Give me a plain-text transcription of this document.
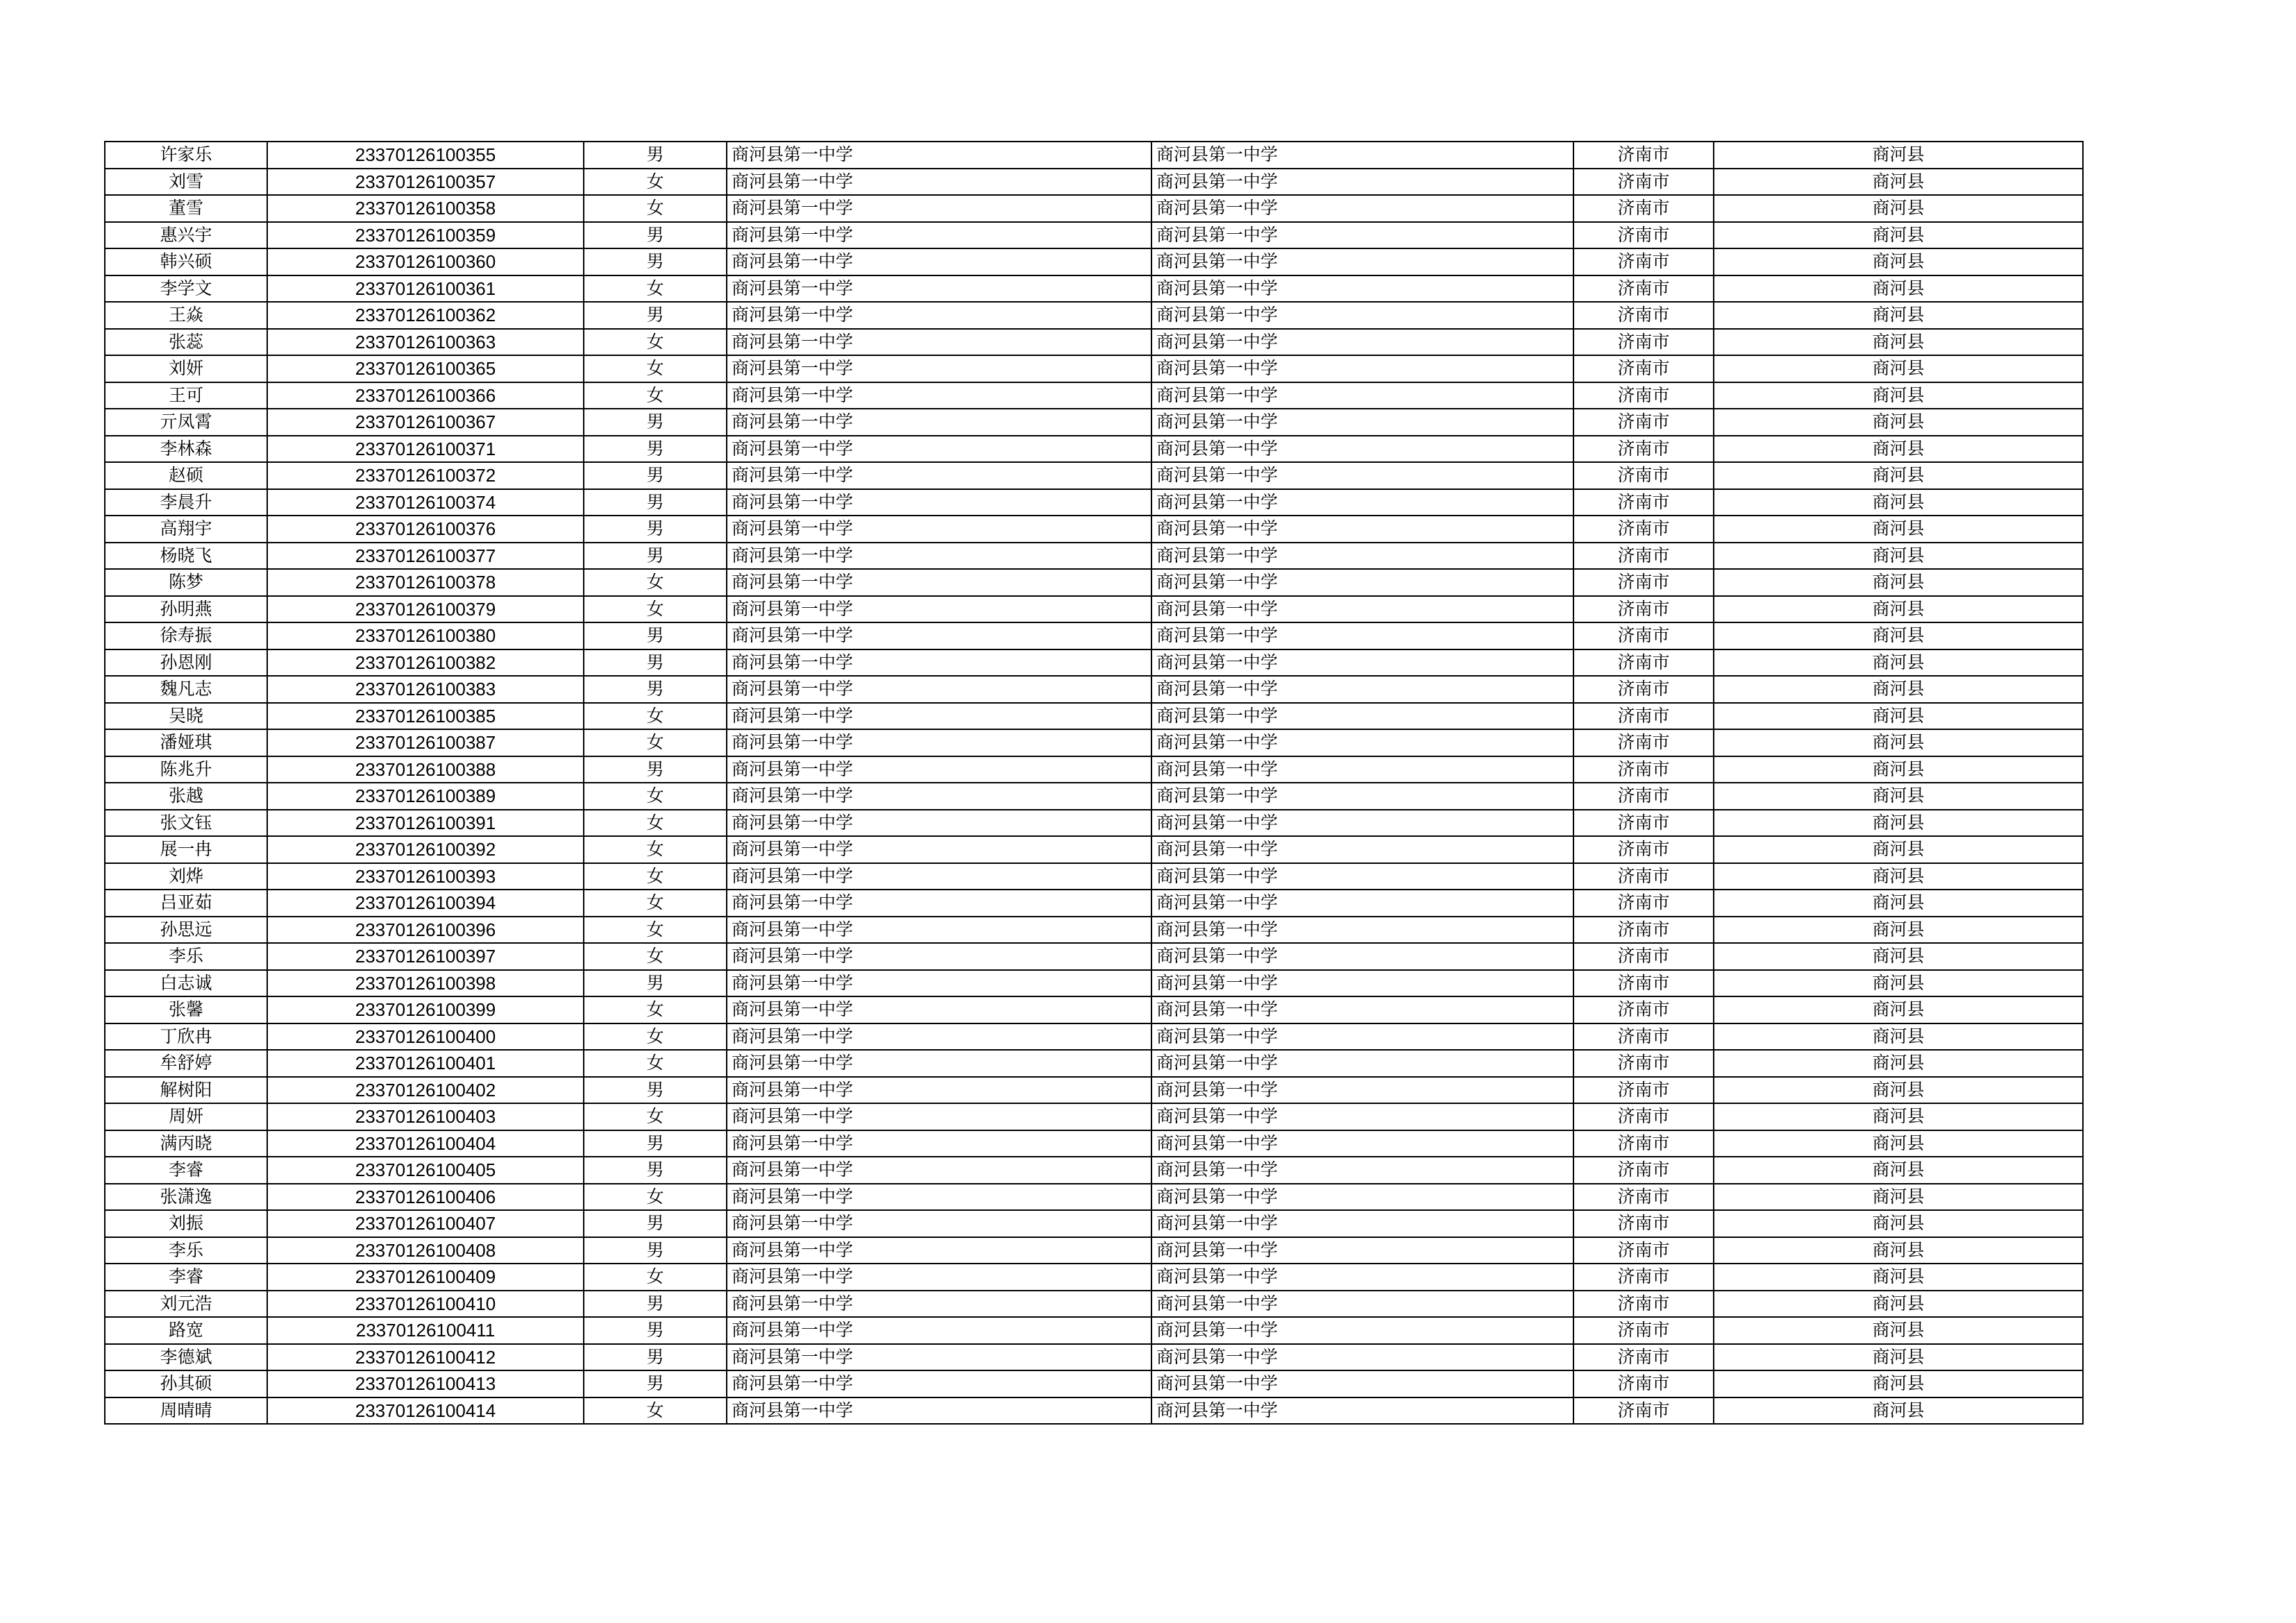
许家乐	23370126100355	男	商河县第一中学	商河县第一中学	济南市	商河县
刘雪	23370126100357	女	商河县第一中学	商河县第一中学	济南市	商河县
董雪	23370126100358	女	商河县第一中学	商河县第一中学	济南市	商河县
惠兴宇	23370126100359	男	商河县第一中学	商河县第一中学	济南市	商河县
韩兴硕	23370126100360	男	商河县第一中学	商河县第一中学	济南市	商河县
李学文	23370126100361	女	商河县第一中学	商河县第一中学	济南市	商河县
王焱	23370126100362	男	商河县第一中学	商河县第一中学	济南市	商河县
张蕊	23370126100363	女	商河县第一中学	商河县第一中学	济南市	商河县
刘妍	23370126100365	女	商河县第一中学	商河县第一中学	济南市	商河县
王可	23370126100366	女	商河县第一中学	商河县第一中学	济南市	商河县
亓凤霄	23370126100367	男	商河县第一中学	商河县第一中学	济南市	商河县
李林森	23370126100371	男	商河县第一中学	商河县第一中学	济南市	商河县
赵硕	23370126100372	男	商河县第一中学	商河县第一中学	济南市	商河县
李晨升	23370126100374	男	商河县第一中学	商河县第一中学	济南市	商河县
高翔宇	23370126100376	男	商河县第一中学	商河县第一中学	济南市	商河县
杨晓飞	23370126100377	男	商河县第一中学	商河县第一中学	济南市	商河县
陈梦	23370126100378	女	商河县第一中学	商河县第一中学	济南市	商河县
孙明燕	23370126100379	女	商河县第一中学	商河县第一中学	济南市	商河县
徐寿振	23370126100380	男	商河县第一中学	商河县第一中学	济南市	商河县
孙恩刚	23370126100382	男	商河县第一中学	商河县第一中学	济南市	商河县
魏凡志	23370126100383	男	商河县第一中学	商河县第一中学	济南市	商河县
吴晓	23370126100385	女	商河县第一中学	商河县第一中学	济南市	商河县
潘娅琪	23370126100387	女	商河县第一中学	商河县第一中学	济南市	商河县
陈兆升	23370126100388	男	商河县第一中学	商河县第一中学	济南市	商河县
张越	23370126100389	女	商河县第一中学	商河县第一中学	济南市	商河县
张文钰	23370126100391	女	商河县第一中学	商河县第一中学	济南市	商河县
展一冉	23370126100392	女	商河县第一中学	商河县第一中学	济南市	商河县
刘烨	23370126100393	女	商河县第一中学	商河县第一中学	济南市	商河县
吕亚茹	23370126100394	女	商河县第一中学	商河县第一中学	济南市	商河县
孙思远	23370126100396	女	商河县第一中学	商河县第一中学	济南市	商河县
李乐	23370126100397	女	商河县第一中学	商河县第一中学	济南市	商河县
白志诚	23370126100398	男	商河县第一中学	商河县第一中学	济南市	商河县
张馨	23370126100399	女	商河县第一中学	商河县第一中学	济南市	商河县
丁欣冉	23370126100400	女	商河县第一中学	商河县第一中学	济南市	商河县
牟舒婷	23370126100401	女	商河县第一中学	商河县第一中学	济南市	商河县
解树阳	23370126100402	男	商河县第一中学	商河县第一中学	济南市	商河县
周妍	23370126100403	女	商河县第一中学	商河县第一中学	济南市	商河县
满丙晓	23370126100404	男	商河县第一中学	商河县第一中学	济南市	商河县
李睿	23370126100405	男	商河县第一中学	商河县第一中学	济南市	商河县
张潇逸	23370126100406	女	商河县第一中学	商河县第一中学	济南市	商河县
刘振	23370126100407	男	商河县第一中学	商河县第一中学	济南市	商河县
李乐	23370126100408	男	商河县第一中学	商河县第一中学	济南市	商河县
李睿	23370126100409	女	商河县第一中学	商河县第一中学	济南市	商河县
刘元浩	23370126100410	男	商河县第一中学	商河县第一中学	济南市	商河县
路宽	23370126100411	男	商河县第一中学	商河县第一中学	济南市	商河县
李德斌	23370126100412	男	商河县第一中学	商河县第一中学	济南市	商河县
孙其硕	23370126100413	男	商河县第一中学	商河县第一中学	济南市	商河县
周晴晴	23370126100414	女	商河县第一中学	商河县第一中学	济南市	商河县
